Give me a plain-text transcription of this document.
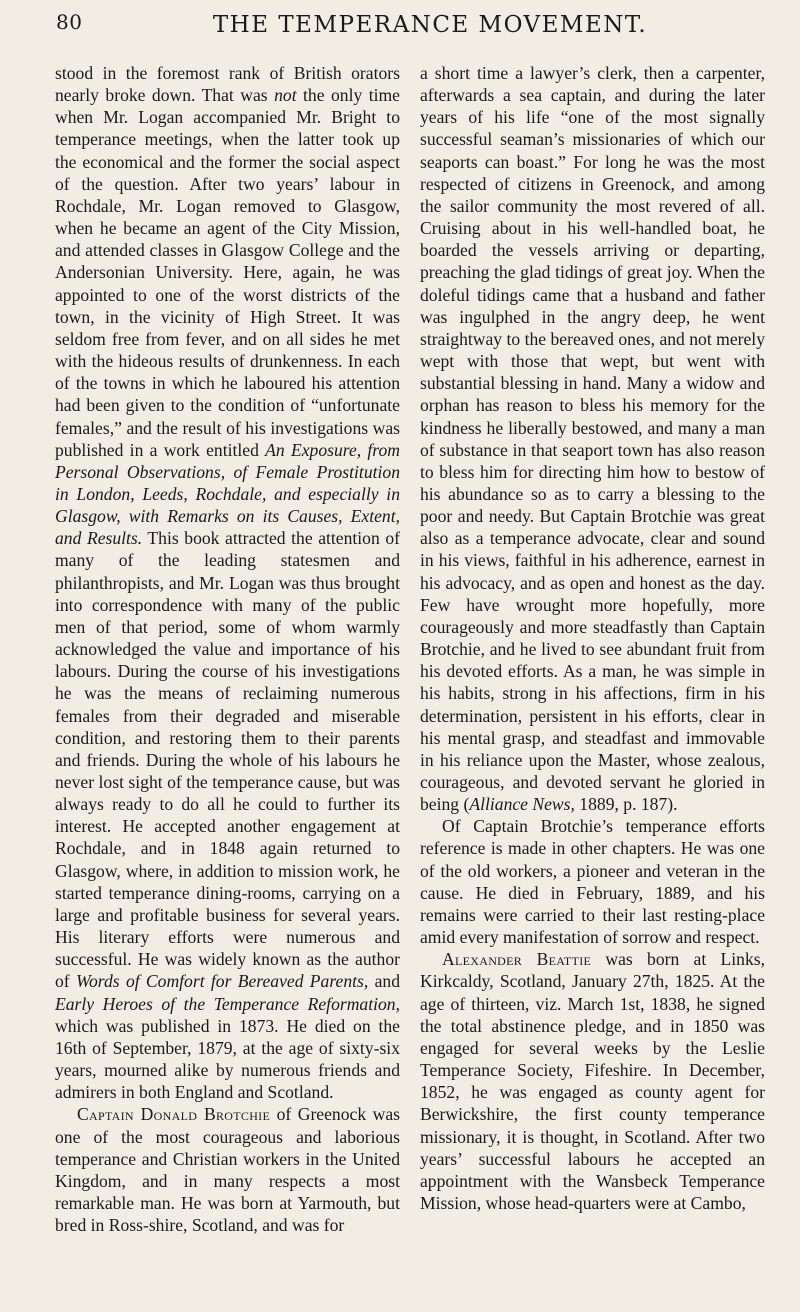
80	THE TEMPERANCE MOVEMENT.

stood in the foremost rank of British orators nearly broke down. That was not the only time when Mr. Logan accompanied Mr. Bright to temperance meetings, when the latter took up the economical and the former the social aspect of the question. After two years’ labour in Rochdale, Mr. Logan removed to Glasgow, when he became an agent of the City Mission, and attended classes in Glasgow College and the Andersonian University. Here, again, he was appointed to one of the worst districts of the town, in the vicinity of High Street. It was seldom free from fever, and on all sides he met with the hideous results of drunkenness. In each of the towns in which he laboured his attention had been given to the condition of “unfortunate females,” and the result of his investigations was published in a work entitled An Exposure, from Personal Observations, of Female Prostitution in London, Leeds, Rochdale, and especially in Glasgow, with Remarks on its Causes, Extent, and Results. This book attracted the attention of many of the leading statesmen and philanthropists, and Mr. Logan was thus brought into correspondence with many of the public men of that period, some of whom warmly acknowledged the value and importance of his labours. During the course of his investigations he was the means of reclaiming numerous females from their degraded and miserable condition, and restoring them to their parents and friends. During the whole of his labours he never lost sight of the temperance cause, but was always ready to do all he could to further its interest. He accepted another engagement at Rochdale, and in 1848 again returned to Glasgow, where, in addition to mission work, he started temperance dining-rooms, carrying on a large and profitable business for several years. His literary efforts were numerous and successful. He was widely known as the author of Words of Comfort for Bereaved Parents, and Early Heroes of the Temperance Reformation, which was published in 1873. He died on the 16th of September, 1879, at the age of sixty-six years, mourned alike by numerous friends and admirers in both England and Scotland.

Captain Donald Brotchie of Greenock was one of the most courageous and laborious temperance and Christian workers in the United Kingdom, and in many respects a most remarkable man. He was born at Yarmouth, but bred in Ross-shire, Scotland, and was for

a short time a lawyer’s clerk, then a carpenter, afterwards a sea captain, and during the later years of his life “one of the most signally successful seaman’s missionaries of which our seaports can boast.” For long he was the most respected of citizens in Greenock, and among the sailor community the most revered of all. Cruising about in his well-handled boat, he boarded the vessels arriving or departing, preaching the glad tidings of great joy. When the doleful tidings came that a husband and father was ingulphed in the angry deep, he went straightway to the bereaved ones, and not merely wept with those that wept, but went with substantial blessing in hand. Many a widow and orphan has reason to bless his memory for the kindness he liberally bestowed, and many a man of substance in that seaport town has also reason to bless him for directing him how to bestow of his abundance so as to carry a blessing to the poor and needy. But Captain Brotchie was great also as a temperance advocate, clear and sound in his views, faithful in his adherence, earnest in his advocacy, and as open and honest as the day. Few have wrought more hopefully, more courageously and more steadfastly than Captain Brotchie, and he lived to see abundant fruit from his devoted efforts. As a man, he was simple in his habits, strong in his affections, firm in his determination, persistent in his efforts, clear in his mental grasp, and steadfast and immovable in his reliance upon the Master, whose zealous, courageous, and devoted servant he gloried in being (Alliance News, 1889, p. 187).

Of Captain Brotchie’s temperance efforts reference is made in other chapters. He was one of the old workers, a pioneer and veteran in the cause. He died in February, 1889, and his remains were carried to their last resting-place amid every manifestation of sorrow and respect.

Alexander Beattie was born at Links, Kirkcaldy, Scotland, January 27th, 1825. At the age of thirteen, viz. March 1st, 1838, he signed the total abstinence pledge, and in 1850 was engaged for several weeks by the Leslie Temperance Society, Fifeshire. In December, 1852, he was engaged as county agent for Berwickshire, the first county temperance missionary, it is thought, in Scotland. After two years’ successful labours he accepted an appointment with the Wansbeck Temperance Mission, whose head-quarters were at Cambo,
